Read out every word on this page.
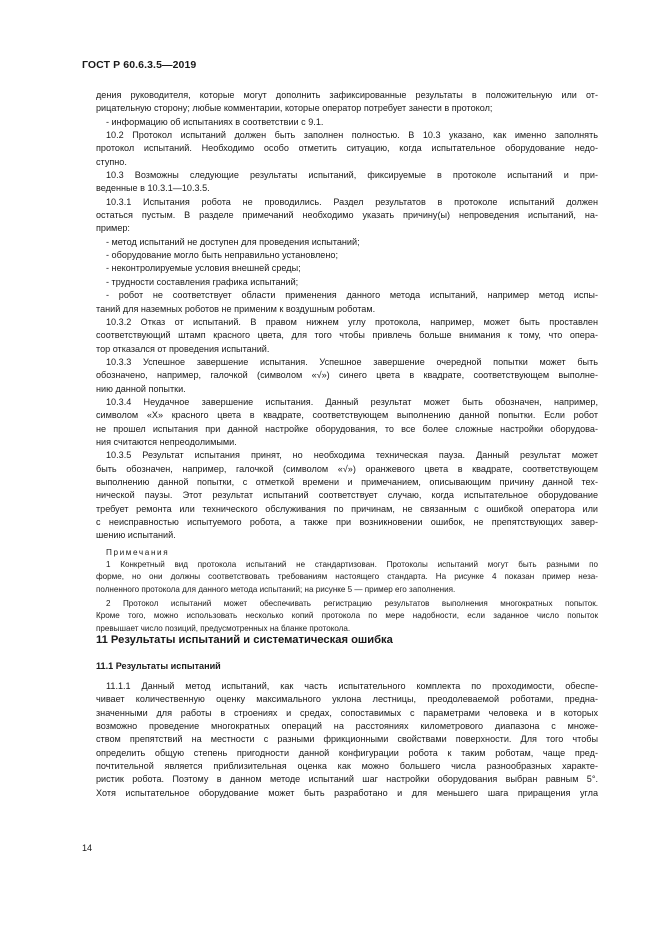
ГОСТ Р 60.6.3.5—2019
дения руководителя, которые могут дополнить зафиксированные результаты в положительную или от-
рицательную сторону; любые комментарии, которые оператор потребует занести в протокол;
- информацию об испытаниях в соответствии с 9.1.
10.2 Протокол испытаний должен быть заполнен полностью. В 10.3 указано, как именно заполнять
протокол испытаний. Необходимо особо отметить ситуацию, когда испытательное оборудование недо-
ступно.
10.3 Возможны следующие результаты испытаний, фиксируемые в протоколе испытаний и при-
веденные в 10.3.1—10.3.5.
10.3.1 Испытания робота не проводились. Раздел результатов в протоколе испытаний должен
остаться пустым. В разделе примечаний необходимо указать причину(ы) непроведения испытаний, на-
пример:
- метод испытаний не доступен для проведения испытаний;
- оборудование могло быть неправильно установлено;
- неконтролируемые условия внешней среды;
- трудности составления графика испытаний;
- робот не соответствует области применения данного метода испытаний, например метод испы-
таний для наземных роботов не применим к воздушным роботам.
10.3.2 Отказ от испытаний. В правом нижнем углу протокола, например, может быть проставлен
соответствующий штамп красного цвета, для того чтобы привлечь больше внимания к тому, что опера-
тор отказался от проведения испытаний.
10.3.3 Успешное завершение испытания. Успешное завершение очередной попытки может быть
обозначено, например, галочкой (символом «√») синего цвета в квадрате, соответствующем выполне-
нию данной попытки.
10.3.4 Неудачное завершение испытания. Данный результат может быть обозначен, например,
символом «Х» красного цвета в квадрате, соответствующем выполнению данной попытки. Если робот
не прошел испытания при данной настройке оборудования, то все более сложные настройки оборудова-
ния считаются непреодолимыми.
10.3.5 Результат испытания принят, но необходима техническая пауза. Данный результат может
быть обозначен, например, галочкой (символом «√») оранжевого цвета в квадрате, соответствующем
выполнению данной попытки, с отметкой времени и примечанием, описывающим причину данной тех-
нической паузы. Этот результат испытаний соответствует случаю, когда испытательное оборудование
требует ремонта или технического обслуживания по причинам, не связанным с ошибкой оператора или
с неисправностью испытуемого робота, а также при возникновении ошибок, не препятствующих завер-
шению испытаний.
Примечания
1 Конкретный вид протокола испытаний не стандартизован. Протоколы испытаний могут быть разными по
форме, но они должны соответствовать требованиям настоящего стандарта. На рисунке 4 показан пример неза-
полненного протокола для данного метода испытаний; на рисунке 5 — пример его заполнения.
2 Протокол испытаний может обеспечивать регистрацию результатов выполнения многократных попыток.
Кроме того, можно использовать несколько копий протокола по мере надобности, если заданное число попыток
превышает число позиций, предусмотренных на бланке протокола.
11 Результаты испытаний и систематическая ошибка
11.1 Результаты испытаний
11.1.1 Данный метод испытаний, как часть испытательного комплекта по проходимости, обеспе-
чивает количественную оценку максимального уклона лестницы, преодолеваемой роботами, предна-
значенными для работы в строениях и средах, сопоставимых с параметрами человека и в которых
возможно проведение многократных операций на расстояниях километрового диапазона с множе-
ством препятствий на местности с разными фрикционными свойствами поверхности. Для того чтобы
определить общую степень пригодности данной конфигурации робота к таким роботам, чаще пред-
почтительной является приблизительная оценка как можно большего числа разнообразных характе-
ристик робота. Поэтому в данном методе испытаний шаг настройки оборудования выбран равным 5°.
Хотя испытательное оборудование может быть разработано и для меньшего шага приращения угла
14
